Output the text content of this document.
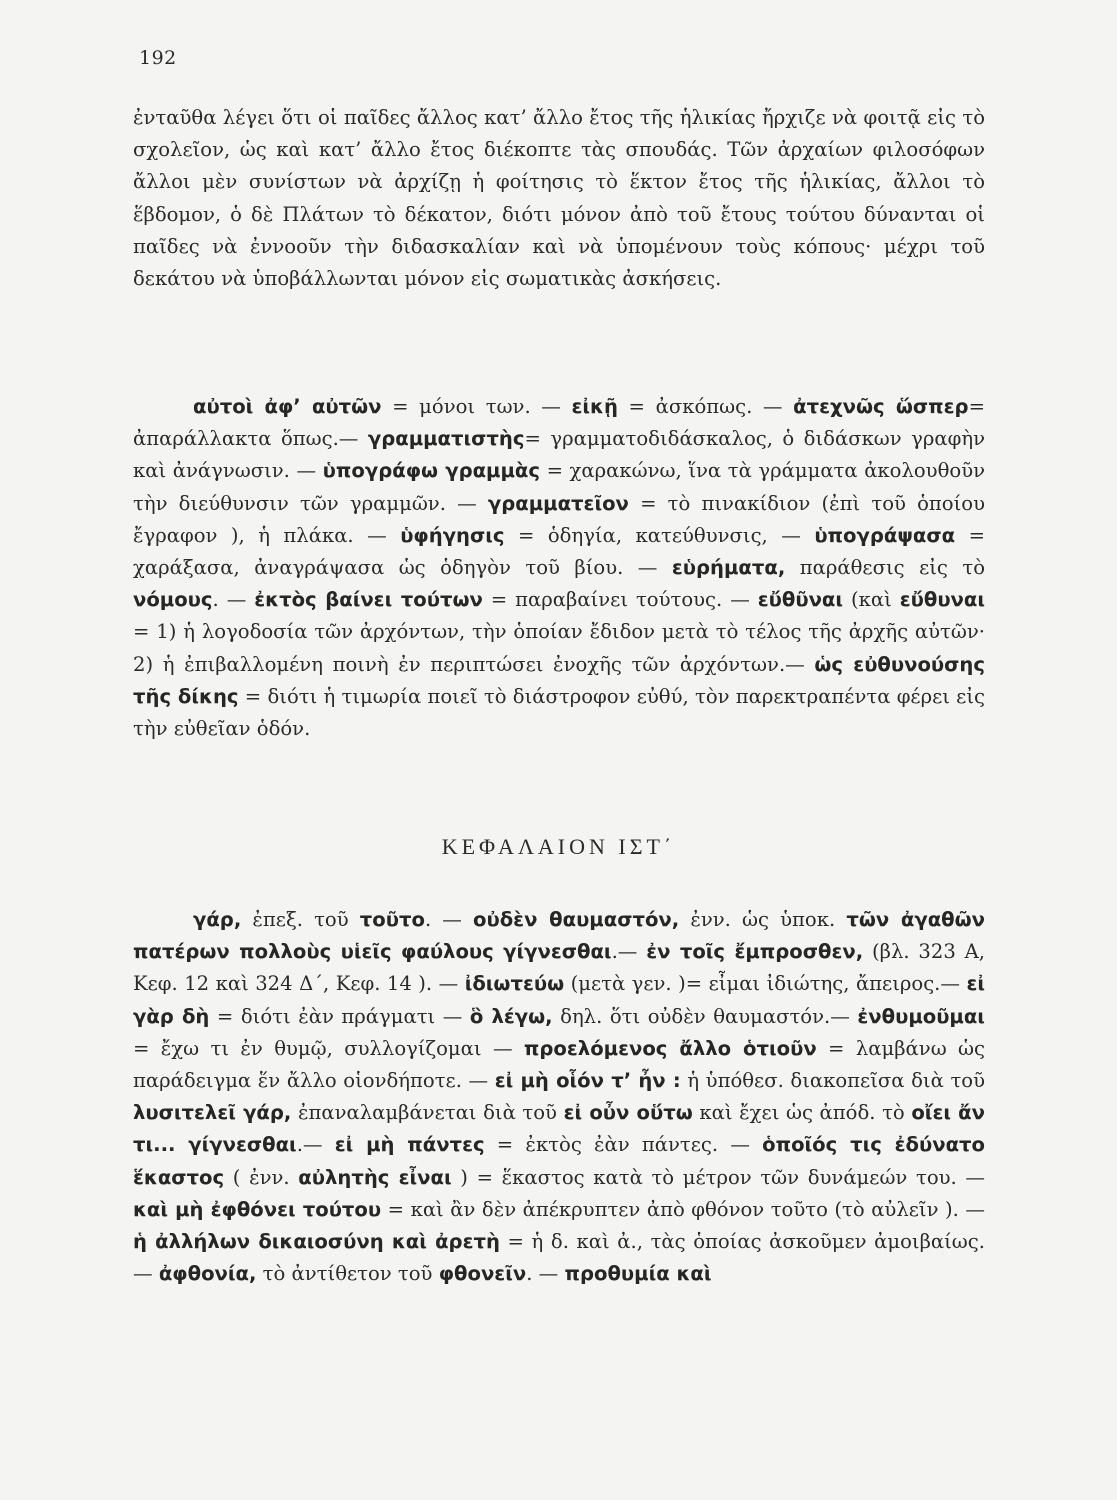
192

ἐνταῦθα λέγει ὅτι οἱ παῖδες ἄλλος κατ’ ἄλλο ἔτος τῆς ἡλικίας ἤρχιζε νὰ φοιτᾷ εἰς τὸ σχολεῖον, ὡς καὶ κατ’ ἄλλο ἔτος διέκοπτε τὰς σπουδάς. Τῶν ἀρχαίων φιλοσόφων ἄλλοι μὲν συνίστων νὰ ἀρχίζῃ ἡ φοίτησις τὸ ἕκτον ἔτος τῆς ἡλικίας, ἄλλοι τὸ ἕβδομον, ὁ δὲ Πλάτων τὸ δέκατον, διότι μόνον ἀπὸ τοῦ ἔτους τούτου δύνανται οἱ παῖδες νὰ ἐννοοῦν τὴν διδασκαλίαν καὶ νὰ ὑπομένουν τοὺς κόπους· μέχρι τοῦ δεκάτου νὰ ὑποβάλλωνται μόνον εἰς σωματικὰς ἀσκήσεις.

αὐτοὶ ἀφ’ αὐτῶν = μόνοι των. — εἰκῇ = ἀσκόπως. — ἀτεχνῶς ὥσπερ= ἀπαράλλακτα ὅπως.— γραμματιστὴς= γραμματοδιδάσκαλος, ὁ διδάσκων γραφὴν καὶ ἀνάγνωσιν. — ὑπογράφω γραμμὰς = χαρακώνω, ἵνα τὰ γράμματα ἀκολουθοῦν τὴν διεύθυνσιν τῶν γραμμῶν. — γραμματεῖον = τὸ πινακίδιον (ἐπὶ τοῦ ὁποίου ἔγραφον ), ἡ πλάκα. — ὑφήγησις = ὁδηγία, κατεύθυνσις, — ὑπογράψασα = χαράξασα, ἀναγράψασα ὡς ὁδηγὸν τοῦ βίου. — εὑρήματα, παράθεσις εἰς τὸ νόμους. — ἐκτὸς βαίνει τούτων = παραβαίνει τούτους. — εὔθῦναι (καὶ εὔθυναι = 1) ἡ λογοδοσία τῶν ἀρχόντων, τὴν ὁποίαν ἔδιδον μετὰ τὸ τέλος τῆς ἀρχῆς αὐτῶν· 2) ἡ ἐπιβαλλομένη ποινὴ ἐν περιπτώσει ἐνοχῆς τῶν ἀρχόντων.— ὡς εὐθυνούσης τῆς δίκης = διότι ἡ τιμωρία ποιεῖ τὸ διάστροφον εὐθύ, τὸν παρεκτραπέντα φέρει εἰς τὴν εὐθεῖαν ὁδόν.

ΚΕΦΑΛΑΙΟΝ ΙΣΤ΄

γάρ, ἐπεξ. τοῦ τοῦτο. — οὐδὲν θαυμαστόν, ἐνν. ὡς ὑποκ. τῶν ἀγαθῶν πατέρων πολλοὺς υἱεῖς φαύλους γίγνεσθαι.— ἐν τοῖς ἔμπροσθεν, (βλ. 323 Α, Κεφ. 12 καὶ 324 Δ΄, Κεφ. 14 ). — ἰδιωτεύω (μετὰ γεν. )= εἶμαι ἰδιώτης, ἄπειρος.— εἰ γὰρ δὴ = διότι ἐὰν πράγματι — ὃ λέγω, δηλ. ὅτι οὐδὲν θαυμαστόν.— ἐνθυμοῦμαι = ἔχω τι ἐν θυμῷ, συλλογίζομαι — προελόμενος ἄλλο ὁτιοῦν = λαμβάνω ὡς παράδειγμα ἕν ἄλλο οἱονδήποτε. — εἰ μὴ οἷόν τ’ ἦν : ἡ ὑπόθεσ. διακοπεῖσα διὰ τοῦ λυσιτελεῖ γάρ, ἐπαναλαμβάνεται διὰ τοῦ εἰ οὖν οὕτω καὶ ἔχει ὡς ἀπόδ. τὸ οἴει ἄν τι... γίγνεσθαι.— εἰ μὴ πάντες = ἐκτὸς ἐὰν πάντες. — ὁποῖός τις ἐδύνατο ἕκαστος ( ἐνν. αὐλητὴς εἶναι ) = ἕκαστος κατὰ τὸ μέτρον τῶν δυνάμεών του. — καὶ μὴ ἐφθόνει τούτου = καὶ ἂν δὲν ἀπέκρυπτεν ἀπὸ φθόνον τοῦτο (τὸ αὐλεῖν ). — ἡ ἀλλήλων δικαιοσύνη καὶ ἀρετὴ = ἡ δ. καὶ ἀ., τὰς ὁποίας ἀσκοῦμεν ἀμοιβαίως. — ἀφθονία, τὸ ἀντίθετον τοῦ φθονεῖν. — προθυμία καὶ
